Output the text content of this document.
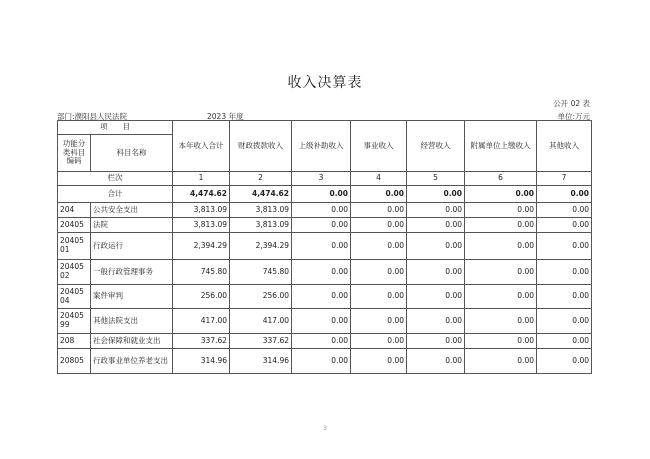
收入决算表
公开 02 表
部门:濮阳县人民法院	2023 年度	单位:万元
项　　目		本年收入合计	财政拨款收入	上级补助收入	事业收入	经营收入	附属单位上缴收入	其他收入
功能分类科目编码	科目名称							
栏次		1	2	3	4	5	6	7
合计		4,474.62	4,474.62	0.00	0.00	0.00	0.00	0.00
204	公共安全支出	3,813.09	3,813.09	0.00	0.00	0.00	0.00	0.00
20405	法院	3,813.09	3,813.09	0.00	0.00	0.00	0.00	0.00
2040501	行政运行	2,394.29	2,394.29	0.00	0.00	0.00	0.00	0.00
2040502	一般行政管理事务	745.80	745.80	0.00	0.00	0.00	0.00	0.00
2040504	案件审判	256.00	256.00	0.00	0.00	0.00	0.00	0.00
2040599	其他法院支出	417.00	417.00	0.00	0.00	0.00	0.00	0.00
208	社会保障和就业支出	337.62	337.62	0.00	0.00	0.00	0.00	0.00
20805	行政事业单位养老支出	314.96	314.96	0.00	0.00	0.00	0.00	0.00
3
